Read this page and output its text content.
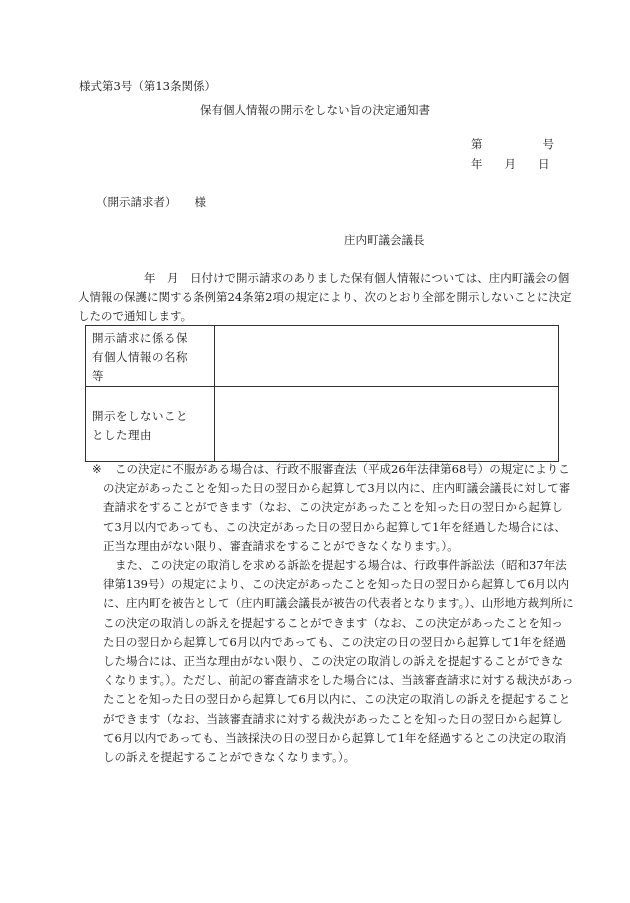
様式第3号（第13条関係）
保有個人情報の開示をしない旨の決定通知書
第	号
年 月 日
（開示請求者） 様
庄内町議会議長

年　月　日付けで開示請求のありました保有個人情報については、庄内町議会の個人情報の保護に関する条例第24条第2項の規定により、次のとおり全部を開示しないことに決定したので通知します。

開示請求に係る保
有個人情報の名称
等	
開示をしないこと
とした理由	

※ この決定に不服がある場合は、行政不服審査法（平成26年法律第68号）の規定によりこの決定があったことを知った日の翌日から起算して3月以内に、庄内町議会議長に対して審査請求をすることができます（なお、この決定があったことを知った日の翌日から起算して3月以内であっても、この決定があった日の翌日から起算して1年を経過した場合には、正当な理由がない限り、審査請求をすることができなくなります。）。

また、この決定の取消しを求める訴訟を提起する場合は、行政事件訴訟法（昭和37年法律第139号）の規定により、この決定があったことを知った日の翌日から起算して6月以内に、庄内町を被告として（庄内町議会議長が被告の代表者となります。）、山形地方裁判所にこの決定の取消しの訴えを提起することができます（なお、この決定があったことを知った日の翌日から起算して6月以内であっても、この決定の日の翌日から起算して1年を経過した場合には、正当な理由がない限り、この決定の取消しの訴えを提起することができなくなります。）。ただし、前記の審査請求をした場合には、当該審査請求に対する裁決があったことを知った日の翌日から起算して6月以内に、この決定の取消しの訴えを提起することができます（なお、当該審査請求に対する裁決があったことを知った日の翌日から起算して6月以内であっても、当該採決の日の翌日から起算して1年を経過するとこの決定の取消しの訴えを提起することができなくなります。）。
